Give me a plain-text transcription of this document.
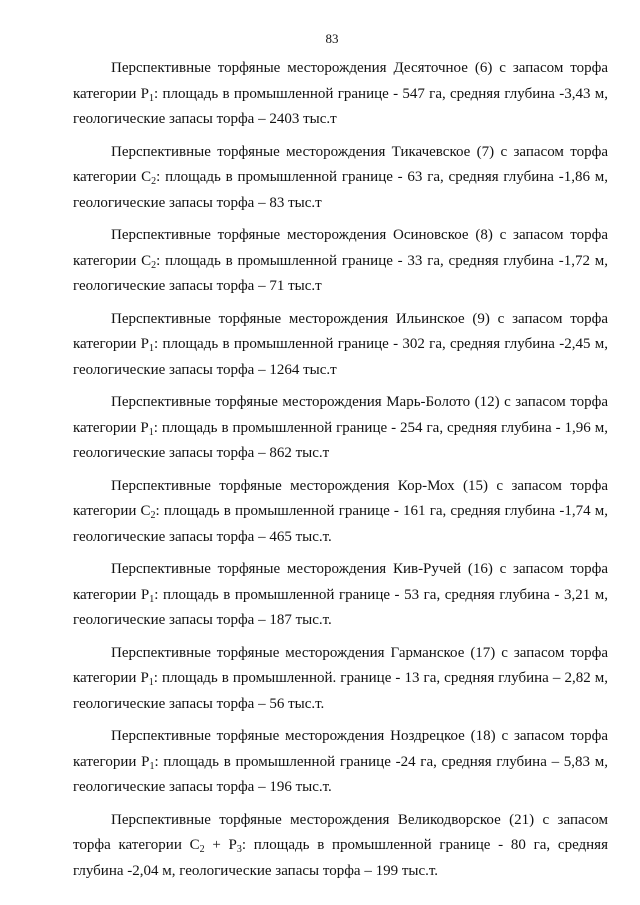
83

Перспективные торфяные месторождения Десяточное (6) с запасом торфа категории $Р_1$: площадь в промышленной границе - 547 га, средняя глубина -3,43 м, геологические запасы торфа – 2403 тыс.т

Перспективные торфяные месторождения Тикачевское (7) с запасом торфа категории $С_2$: площадь в промышленной границе - 63 га, средняя глубина -1,86 м, геологические запасы торфа – 83 тыс.т

Перспективные торфяные месторождения Осиновское (8) с запасом торфа категории $С_2$: площадь в промышленной границе - 33 га, средняя глубина -1,72 м, геологические запасы торфа – 71 тыс.т

Перспективные торфяные месторождения Ильинское (9) с запасом торфа категории $Р_1$: площадь в промышленной границе - 302 га, средняя глубина -2,45 м, геологические запасы торфа – 1264 тыс.т

Перспективные торфяные месторождения Марь-Болото (12) с запасом торфа категории $Р_1$: площадь в промышленной границе - 254 га, средняя глубина - 1,96 м, геологические запасы торфа – 862 тыс.т

Перспективные торфяные месторождения Кор-Мох (15) с запасом торфа категории $С_2$: площадь в промышленной границе - 161 га, средняя глубина -1,74 м, геологические запасы торфа – 465 тыс.т.

Перспективные торфяные месторождения Кив-Ручей (16) с запасом торфа категории $Р_1$: площадь в промышленной границе - 53 га, средняя глубина - 3,21 м, геологические запасы торфа – 187 тыс.т.

Перспективные торфяные месторождения Гарманское (17) с запасом торфа категории $Р_1$: площадь в промышленной. границе - 13 га, средняя глубина – 2,82 м, геологические запасы торфа – 56 тыс.т.

Перспективные торфяные месторождения Ноздрецкое (18) с запасом торфа категории $Р_1$: площадь в промышленной границе -24 га, средняя глубина – 5,83 м, геологические запасы торфа – 196 тыс.т.

Перспективные торфяные месторождения Великодворское (21) с запасом торфа категории $С_2 + Р_3$: площадь в промышленной границе - 80 га, средняя глубина -2,04 м, геологические запасы торфа – 199 тыс.т.
